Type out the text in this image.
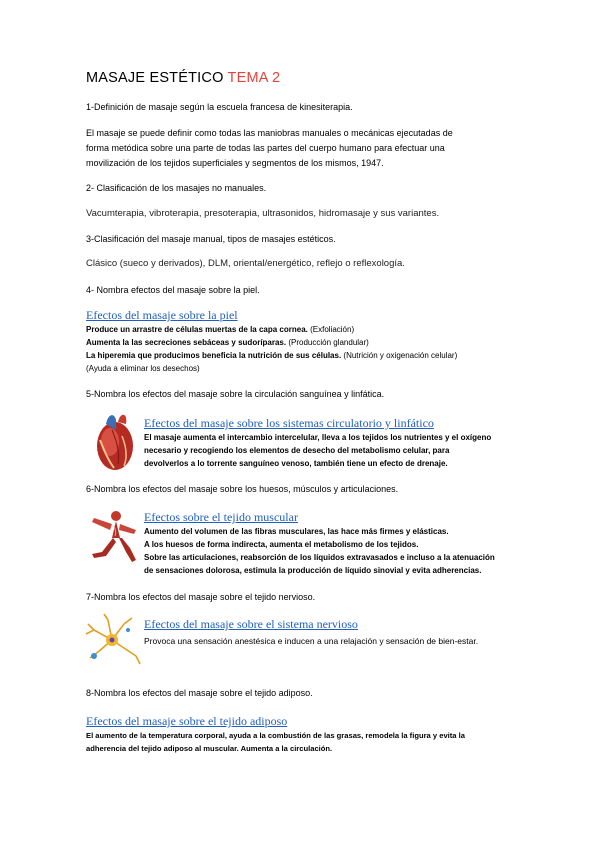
MASAJE ESTÉTICO TEMA 2
1-Definición de masaje según la escuela francesa de kinesiterapia.
El masaje se puede definir como todas las maniobras manuales o mecánicas ejecutadas de
forma metódica sobre una parte de todas las partes del cuerpo humano para efectuar una
movilización de los tejidos superficiales y segmentos de los mismos, 1947.
2- Clasificación de los masajes no manuales.
Vacumterapia, vibroterapia, presoterapia, ultrasonidos, hidromasaje y sus variantes.
3-Clasificación del masaje manual, tipos de masajes estéticos.
Clásico (sueco y derivados), DLM, oriental/energético, reflejo o reflexología.
4- Nombra efectos del masaje sobre la piel.
Efectos del masaje sobre la piel
Produce un arrastre de células muertas de la capa cornea. (Exfoliación)
Aumenta la las secreciones sebáceas y sudoríparas. (Producción glandular)
La hiperemia que producimos beneficia la nutrición de sus células. (Nutrición y oxigenación celular)
(Ayuda a eliminar los desechos)
5-Nombra los efectos del masaje sobre la circulación sanguínea y linfática.
Efectos del masaje sobre los sistemas circulatorio y linfático
El masaje aumenta el intercambio intercelular, lleva a los tejidos los nutrientes y el oxígeno
necesario y recogiendo los elementos de desecho del metabolismo celular, para
devolverlos a lo torrente sanguíneo venoso, también tiene un efecto de drenaje.
6-Nombra los efectos del masaje sobre los huesos, músculos y articulaciones.
Efectos sobre el tejido muscular
Aumento del volumen de las fibras musculares, las hace más firmes y elásticas.
A los huesos de forma indirecta, aumenta el metabolismo de los tejidos.
Sobre las articulaciones, reabsorción de los líquidos extravasados e incluso a la atenuación
de sensaciones dolorosa, estimula la producción de líquido sinovial y evita adherencias.
7-Nombra los efectos del masaje sobre el tejido nervioso.
Efectos del masaje sobre el sistema nervioso
Provoca una sensación anestésica e inducen a una relajación y sensación de bien-estar.
8-Nombra los efectos del masaje sobre el tejido adiposo.
Efectos del masaje sobre el tejido adiposo
El aumento de la temperatura corporal, ayuda a la combustión de las grasas, remodela la figura y evita la
adherencia del tejido adiposo al muscular. Aumenta a la circulación.
